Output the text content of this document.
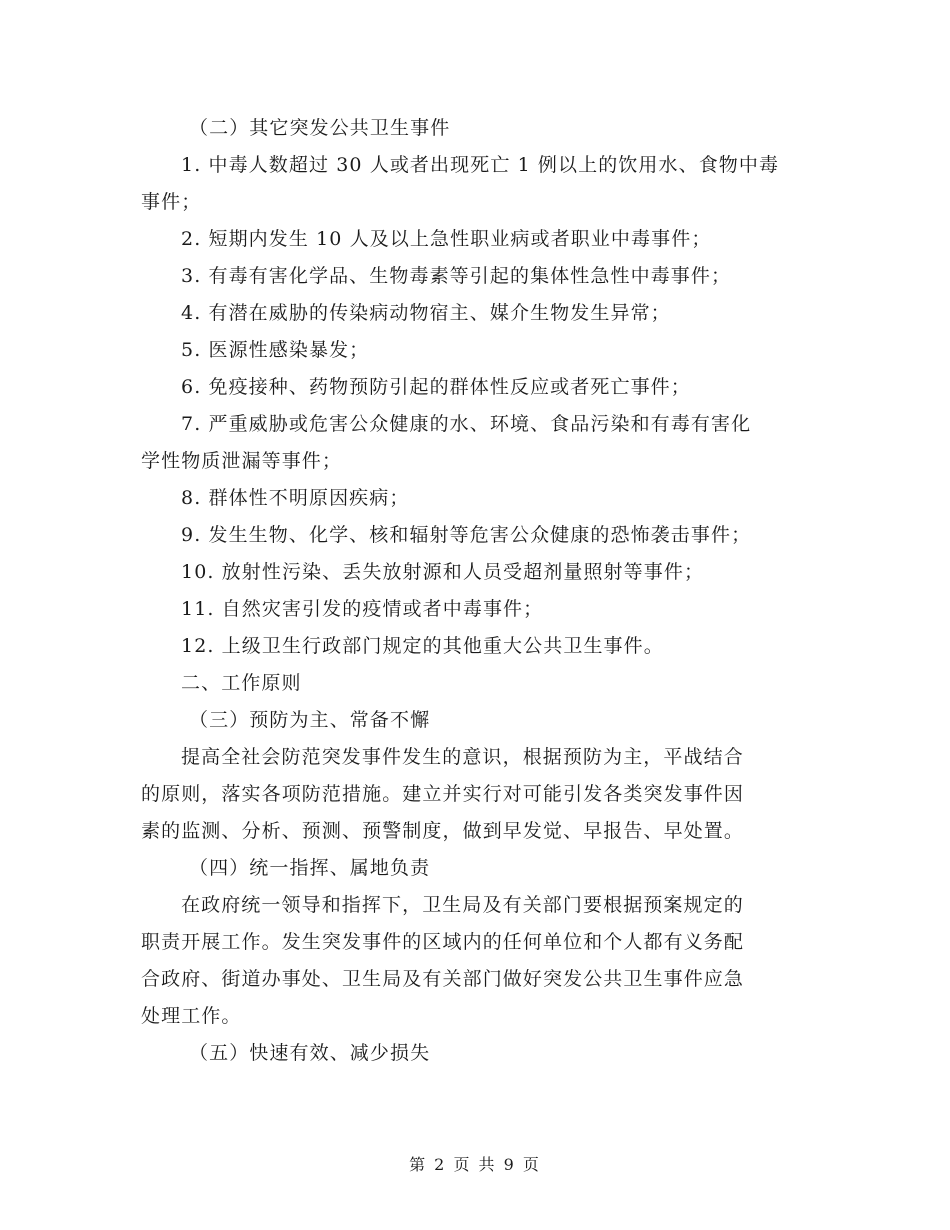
（二）其它突发公共卫生事件
1. 中毒人数超过 30 人或者出现死亡 1 例以上的饮用水、食物中毒
事件；
2. 短期内发生 10 人及以上急性职业病或者职业中毒事件；
3. 有毒有害化学品、生物毒素等引起的集体性急性中毒事件；
4. 有潜在威胁的传染病动物宿主、媒介生物发生异常；
5. 医源性感染暴发；
6. 免疫接种、药物预防引起的群体性反应或者死亡事件；
7. 严重威胁或危害公众健康的水、环境、食品污染和有毒有害化
学性物质泄漏等事件；
8. 群体性不明原因疾病；
9. 发生生物、化学、核和辐射等危害公众健康的恐怖袭击事件；
10. 放射性污染、丢失放射源和人员受超剂量照射等事件；
11. 自然灾害引发的疫情或者中毒事件；
12. 上级卫生行政部门规定的其他重大公共卫生事件。
二、工作原则
（三）预防为主、常备不懈
提高全社会防范突发事件发生的意识，根据预防为主，平战结合
的原则，落实各项防范措施。建立并实行对可能引发各类突发事件因
素的监测、分析、预测、预警制度，做到早发觉、早报告、早处置。
（四）统一指挥、属地负责
在政府统一领导和指挥下，卫生局及有关部门要根据预案规定的
职责开展工作。发生突发事件的区域内的任何单位和个人都有义务配
合政府、街道办事处、卫生局及有关部门做好突发公共卫生事件应急
处理工作。
（五）快速有效、减少损失
第 2 页 共 9 页
